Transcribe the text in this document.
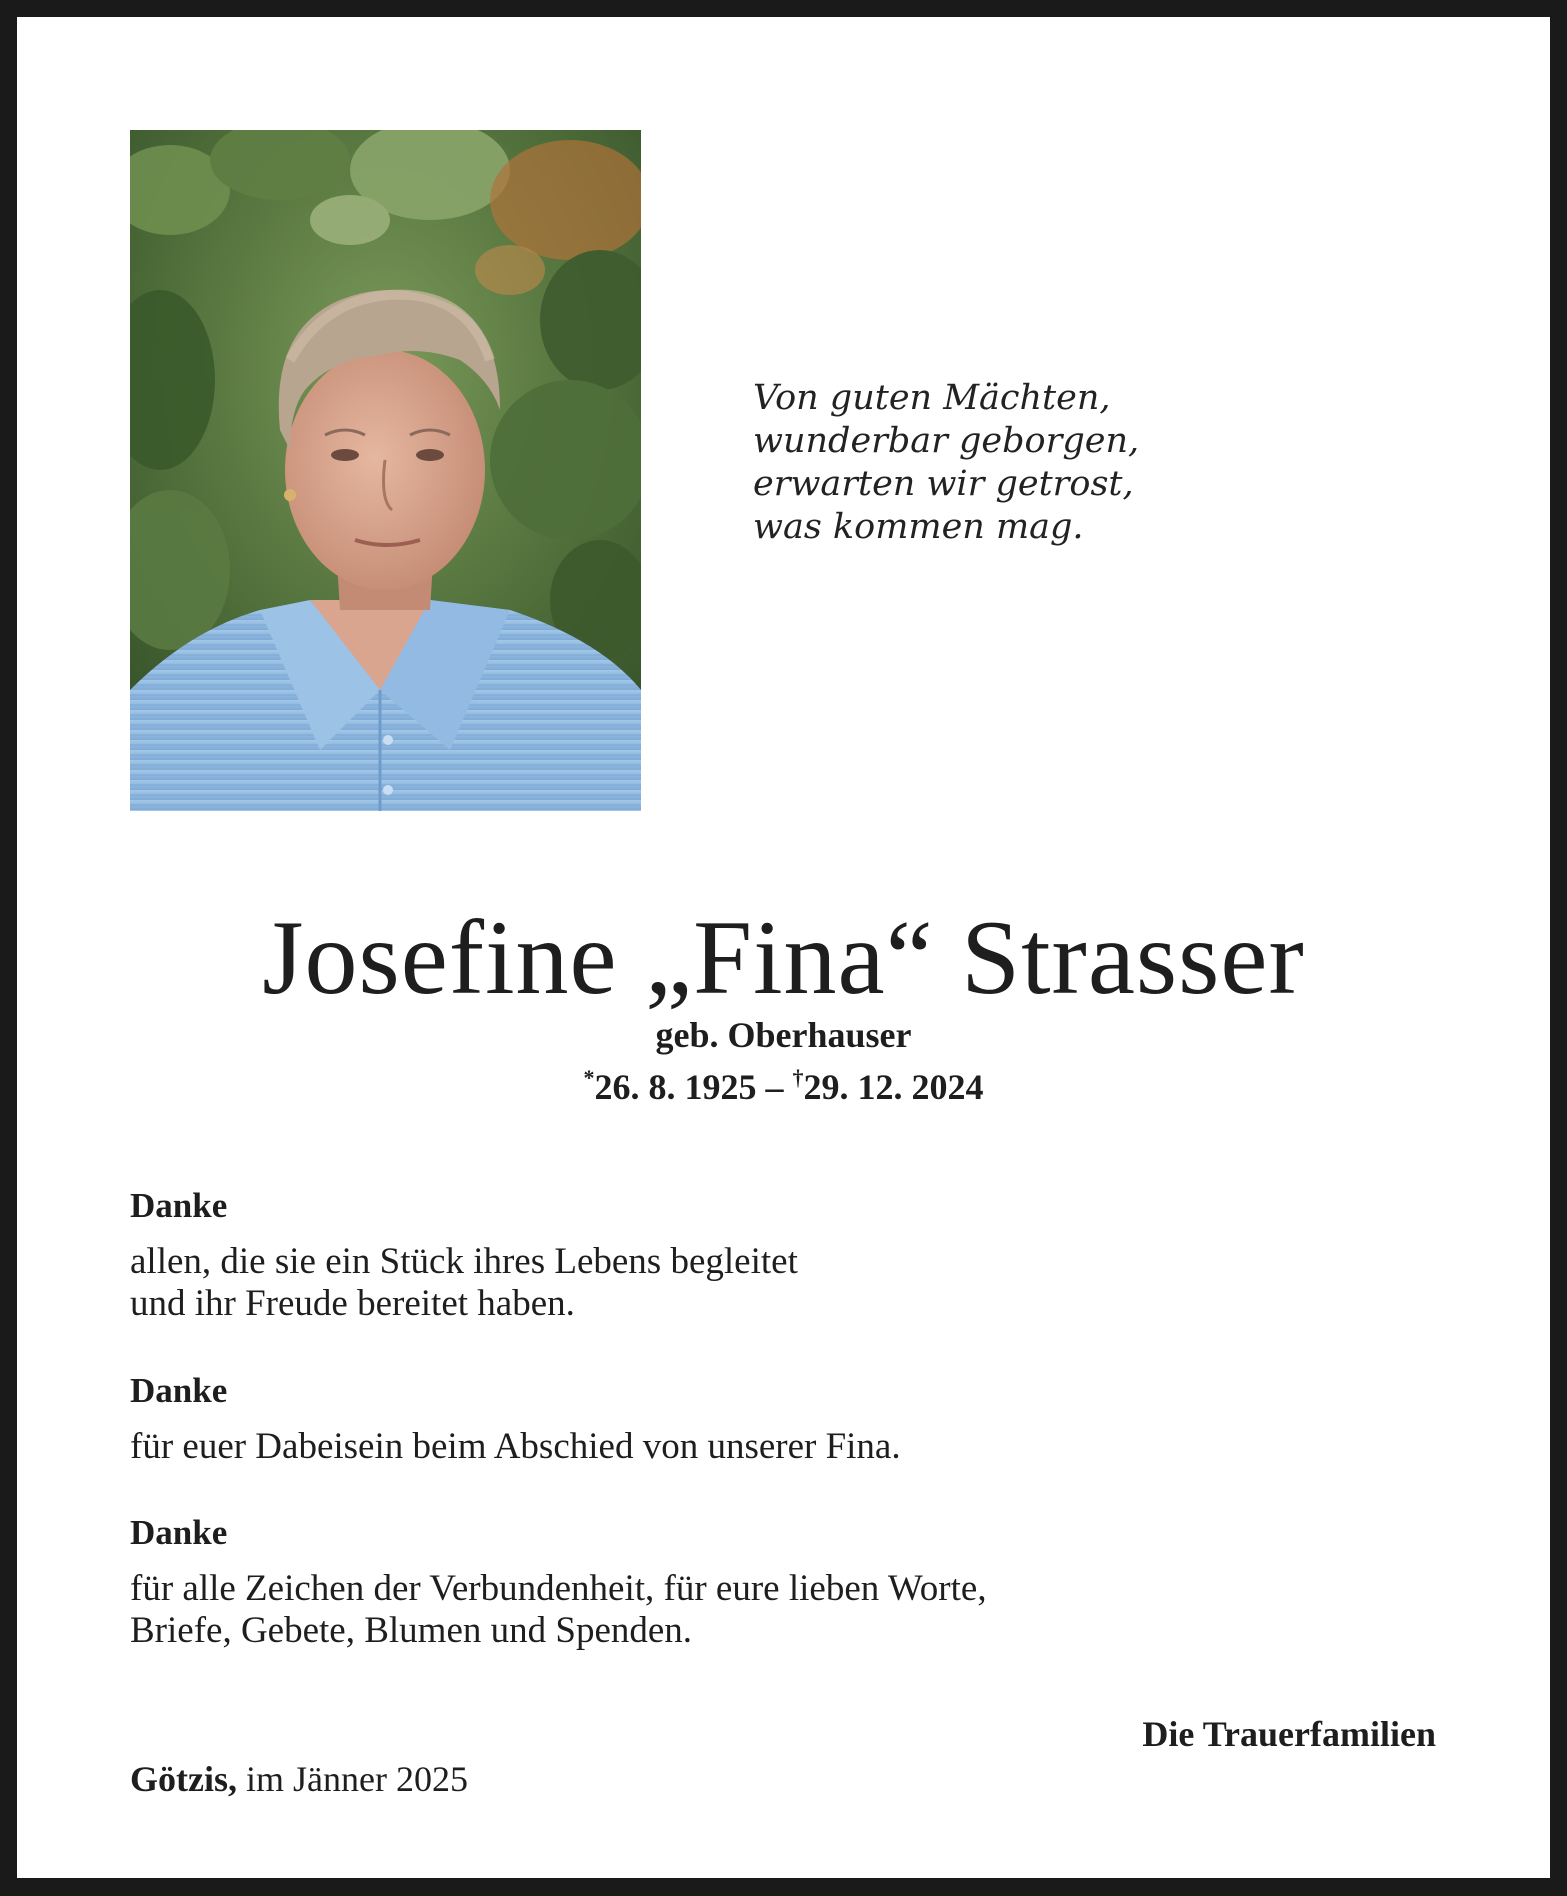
Von guten Mächten,
wunderbar geborgen,
erwarten wir getrost,
was kommen mag.
Josefine „Fina“ Strasser
geb. Oberhauser
*26. 8. 1925 – †29. 12. 2024
Danke
allen, die sie ein Stück ihres Lebens begleitet
und ihr Freude bereitet haben.
Danke
für euer Dabeisein beim Abschied von unserer Fina.
Danke
für alle Zeichen der Verbundenheit, für eure lieben Worte,
Briefe, Gebete, Blumen und Spenden.
Die Trauerfamilien
Götzis, im Jänner 2025
